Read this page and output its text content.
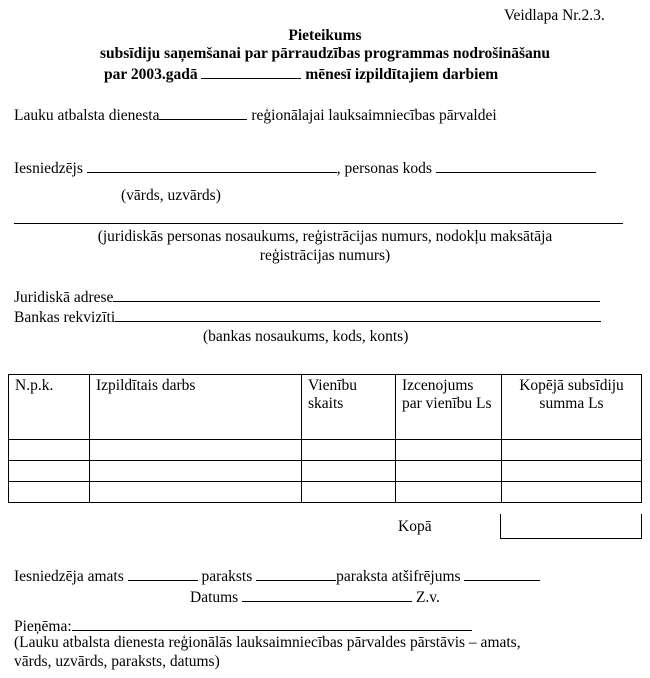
Veidlapa Nr.2.3.
Pieteikums
subsīdiju saņemšanai par pārraudzības programmas nodrošināšanu
par 2003.gadā	mēnesī izpildītajiem darbiem
Lauku atbalsta dienesta	reģionālajai lauksaimniecības pārvaldei
Iesniedzējs	, personas kods
(vārds, uzvārds)
(juridiskās personas nosaukums, reģistrācijas numurs, nodokļu maksātāja
reģistrācijas numurs)
Juridiskā adrese
Bankas rekvizīti
(bankas nosaukums, kods, konts)
N.p.k.	Izpildītais darbs	Vienību skaits	Izcenojums par vienību Ls	Kopējā subsīdiju summa Ls

Kopā
Iesniedzēja amats	paraksts	paraksta atšifrējums
Datums	Z.v.
Pieņēma:
(Lauku atbalsta dienesta reģionālās lauksaimniecības pārvaldes pārstāvis – amats,
vārds, uzvārds, paraksts, datums)
